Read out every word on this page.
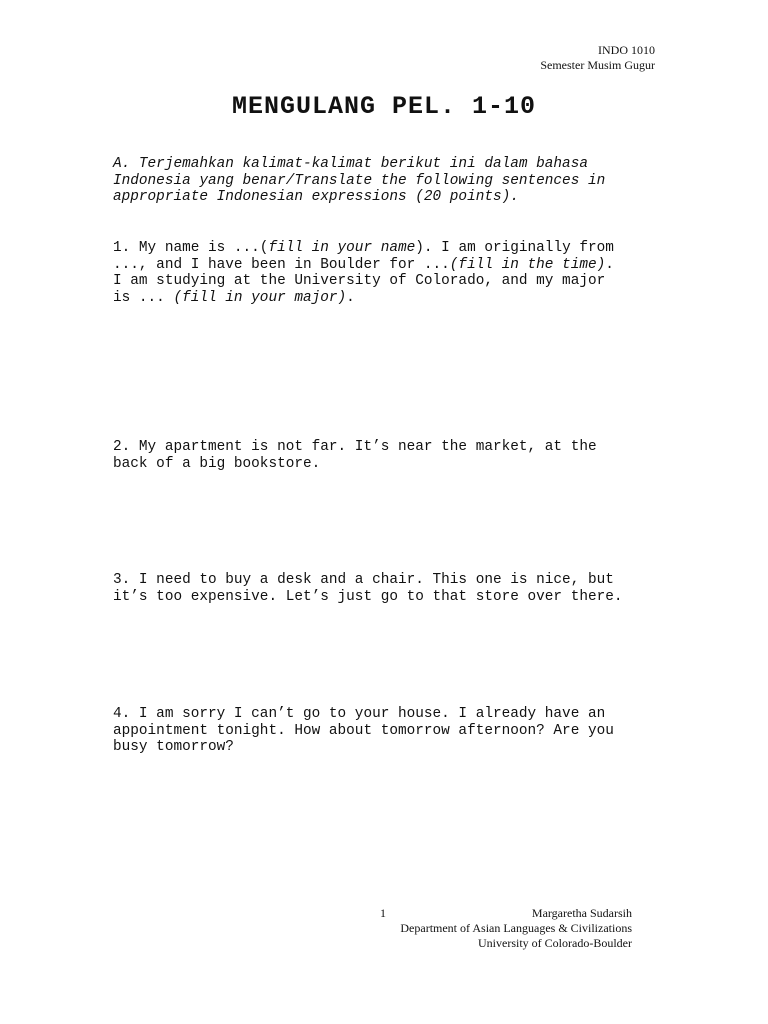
INDO 1010
Semester Musim Gugur
MENGULANG PEL. 1-10
A. Terjemahkan kalimat-kalimat berikut ini dalam bahasa
Indonesia yang benar/Translate the following sentences in
appropriate Indonesian expressions (20 points).
1. My name is ...(fill in your name). I am originally from
..., and I have been in Boulder for ...(fill in the time).
I am studying at the University of Colorado, and my major
is ... (fill in your major).
2. My apartment is not far. It’s near the market, at the
back of a big bookstore.
3. I need to buy a desk and a chair. This one is nice, but
it’s too expensive. Let’s just go to that store over there.
4. I am sorry I can’t go to your house. I already have an
appointment tonight. How about tomorrow afternoon? Are you
busy tomorrow?
1	Margaretha Sudarsih
Department of Asian Languages & Civilizations
University of Colorado-Boulder
